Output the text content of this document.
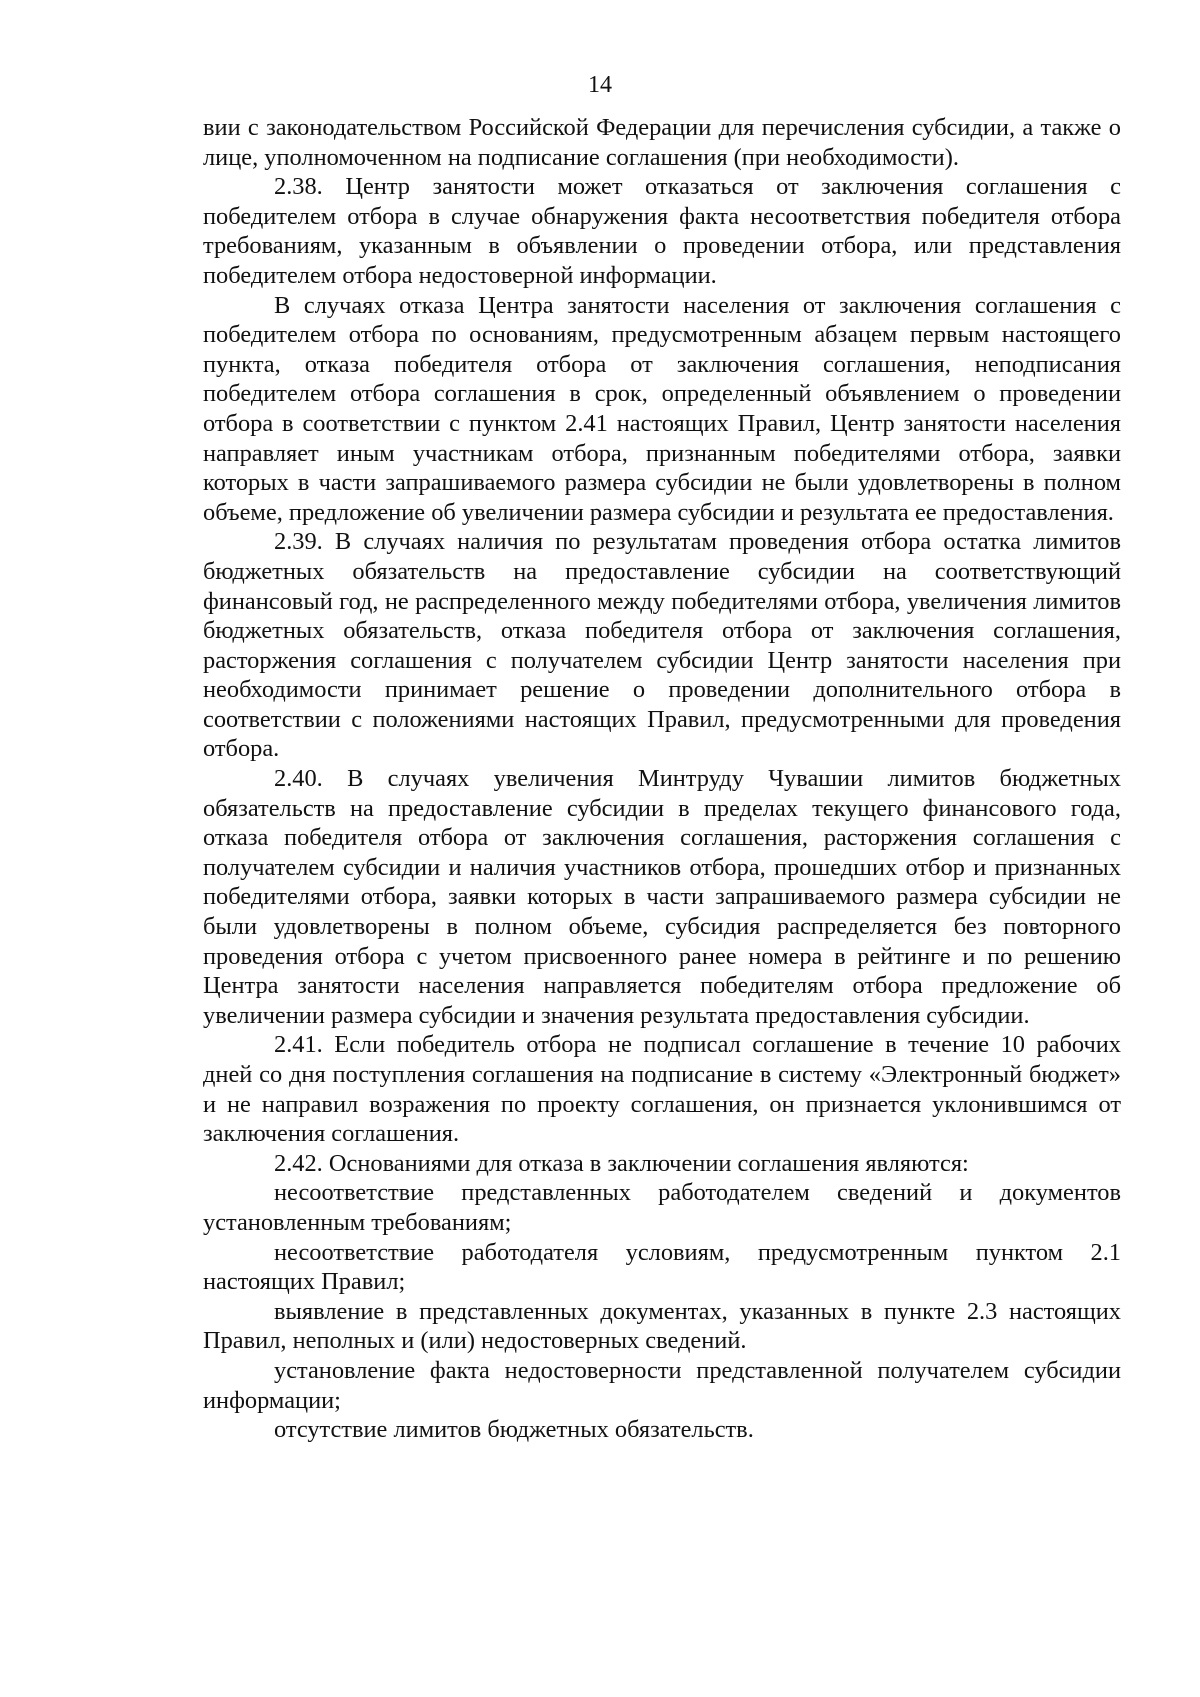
14

вии с законодательством Российской Федерации для перечисления субсидии, а также о лице, уполномоченном на подписание соглашения (при необходимости).

2.38. Центр занятости может отказаться от заключения соглашения с победителем отбора в случае обнаружения факта несоответствия победителя отбора требованиям, указанным в объявлении о проведении отбора, или представления победителем отбора недостоверной информации.

В случаях отказа Центра занятости населения от заключения соглашения с победителем отбора по основаниям, предусмотренным абзацем первым настоящего пункта, отказа победителя отбора от заключения соглашения, неподписания победителем отбора соглашения в срок, определенный объявлением о проведении отбора в соответствии с пунктом 2.41 настоящих Правил, Центр занятости населения направляет иным участникам отбора, признанным победителями отбора, заявки которых в части запрашиваемого размера субсидии не были удовлетворены в полном объеме, предложение об увеличении размера субсидии и результата ее предоставления.

2.39. В случаях наличия по результатам проведения отбора остатка лимитов бюджетных обязательств на предоставление субсидии на соответствующий финансовый год, не распределенного между победителями отбора, увеличения лимитов бюджетных обязательств, отказа победителя отбора от заключения соглашения, расторжения соглашения с получателем субсидии Центр занятости населения при необходимости принимает решение о проведении дополнительного отбора в соответствии с положениями настоящих Правил, предусмотренными для проведения отбора.

2.40. В случаях увеличения Минтруду Чувашии лимитов бюджетных обязательств на предоставление субсидии в пределах текущего финансового года, отказа победителя отбора от заключения соглашения, расторжения соглашения с получателем субсидии и наличия участников отбора, прошедших отбор и признанных победителями отбора, заявки которых в части запрашиваемого размера субсидии не были удовлетворены в полном объеме, субсидия распределяется без повторного проведения отбора с учетом присвоенного ранее номера в рейтинге и по решению Центра занятости населения направляется победителям отбора предложение об увеличении размера субсидии и значения результата предоставления субсидии.

2.41. Если победитель отбора не подписал соглашение в течение 10 рабочих дней со дня поступления соглашения на подписание в систему «Электронный бюджет» и не направил возражения по проекту соглашения, он признается уклонившимся от заключения соглашения.

2.42. Основаниями для отказа в заключении соглашения являются:

несоответствие представленных работодателем сведений и документов установленным требованиям;

несоответствие работодателя условиям, предусмотренным пунктом 2.1 настоящих Правил;

выявление в представленных документах, указанных в пункте 2.3 настоящих Правил, неполных и (или) недостоверных сведений.

установление факта недостоверности представленной получателем субсидии информации;

отсутствие лимитов бюджетных обязательств.
